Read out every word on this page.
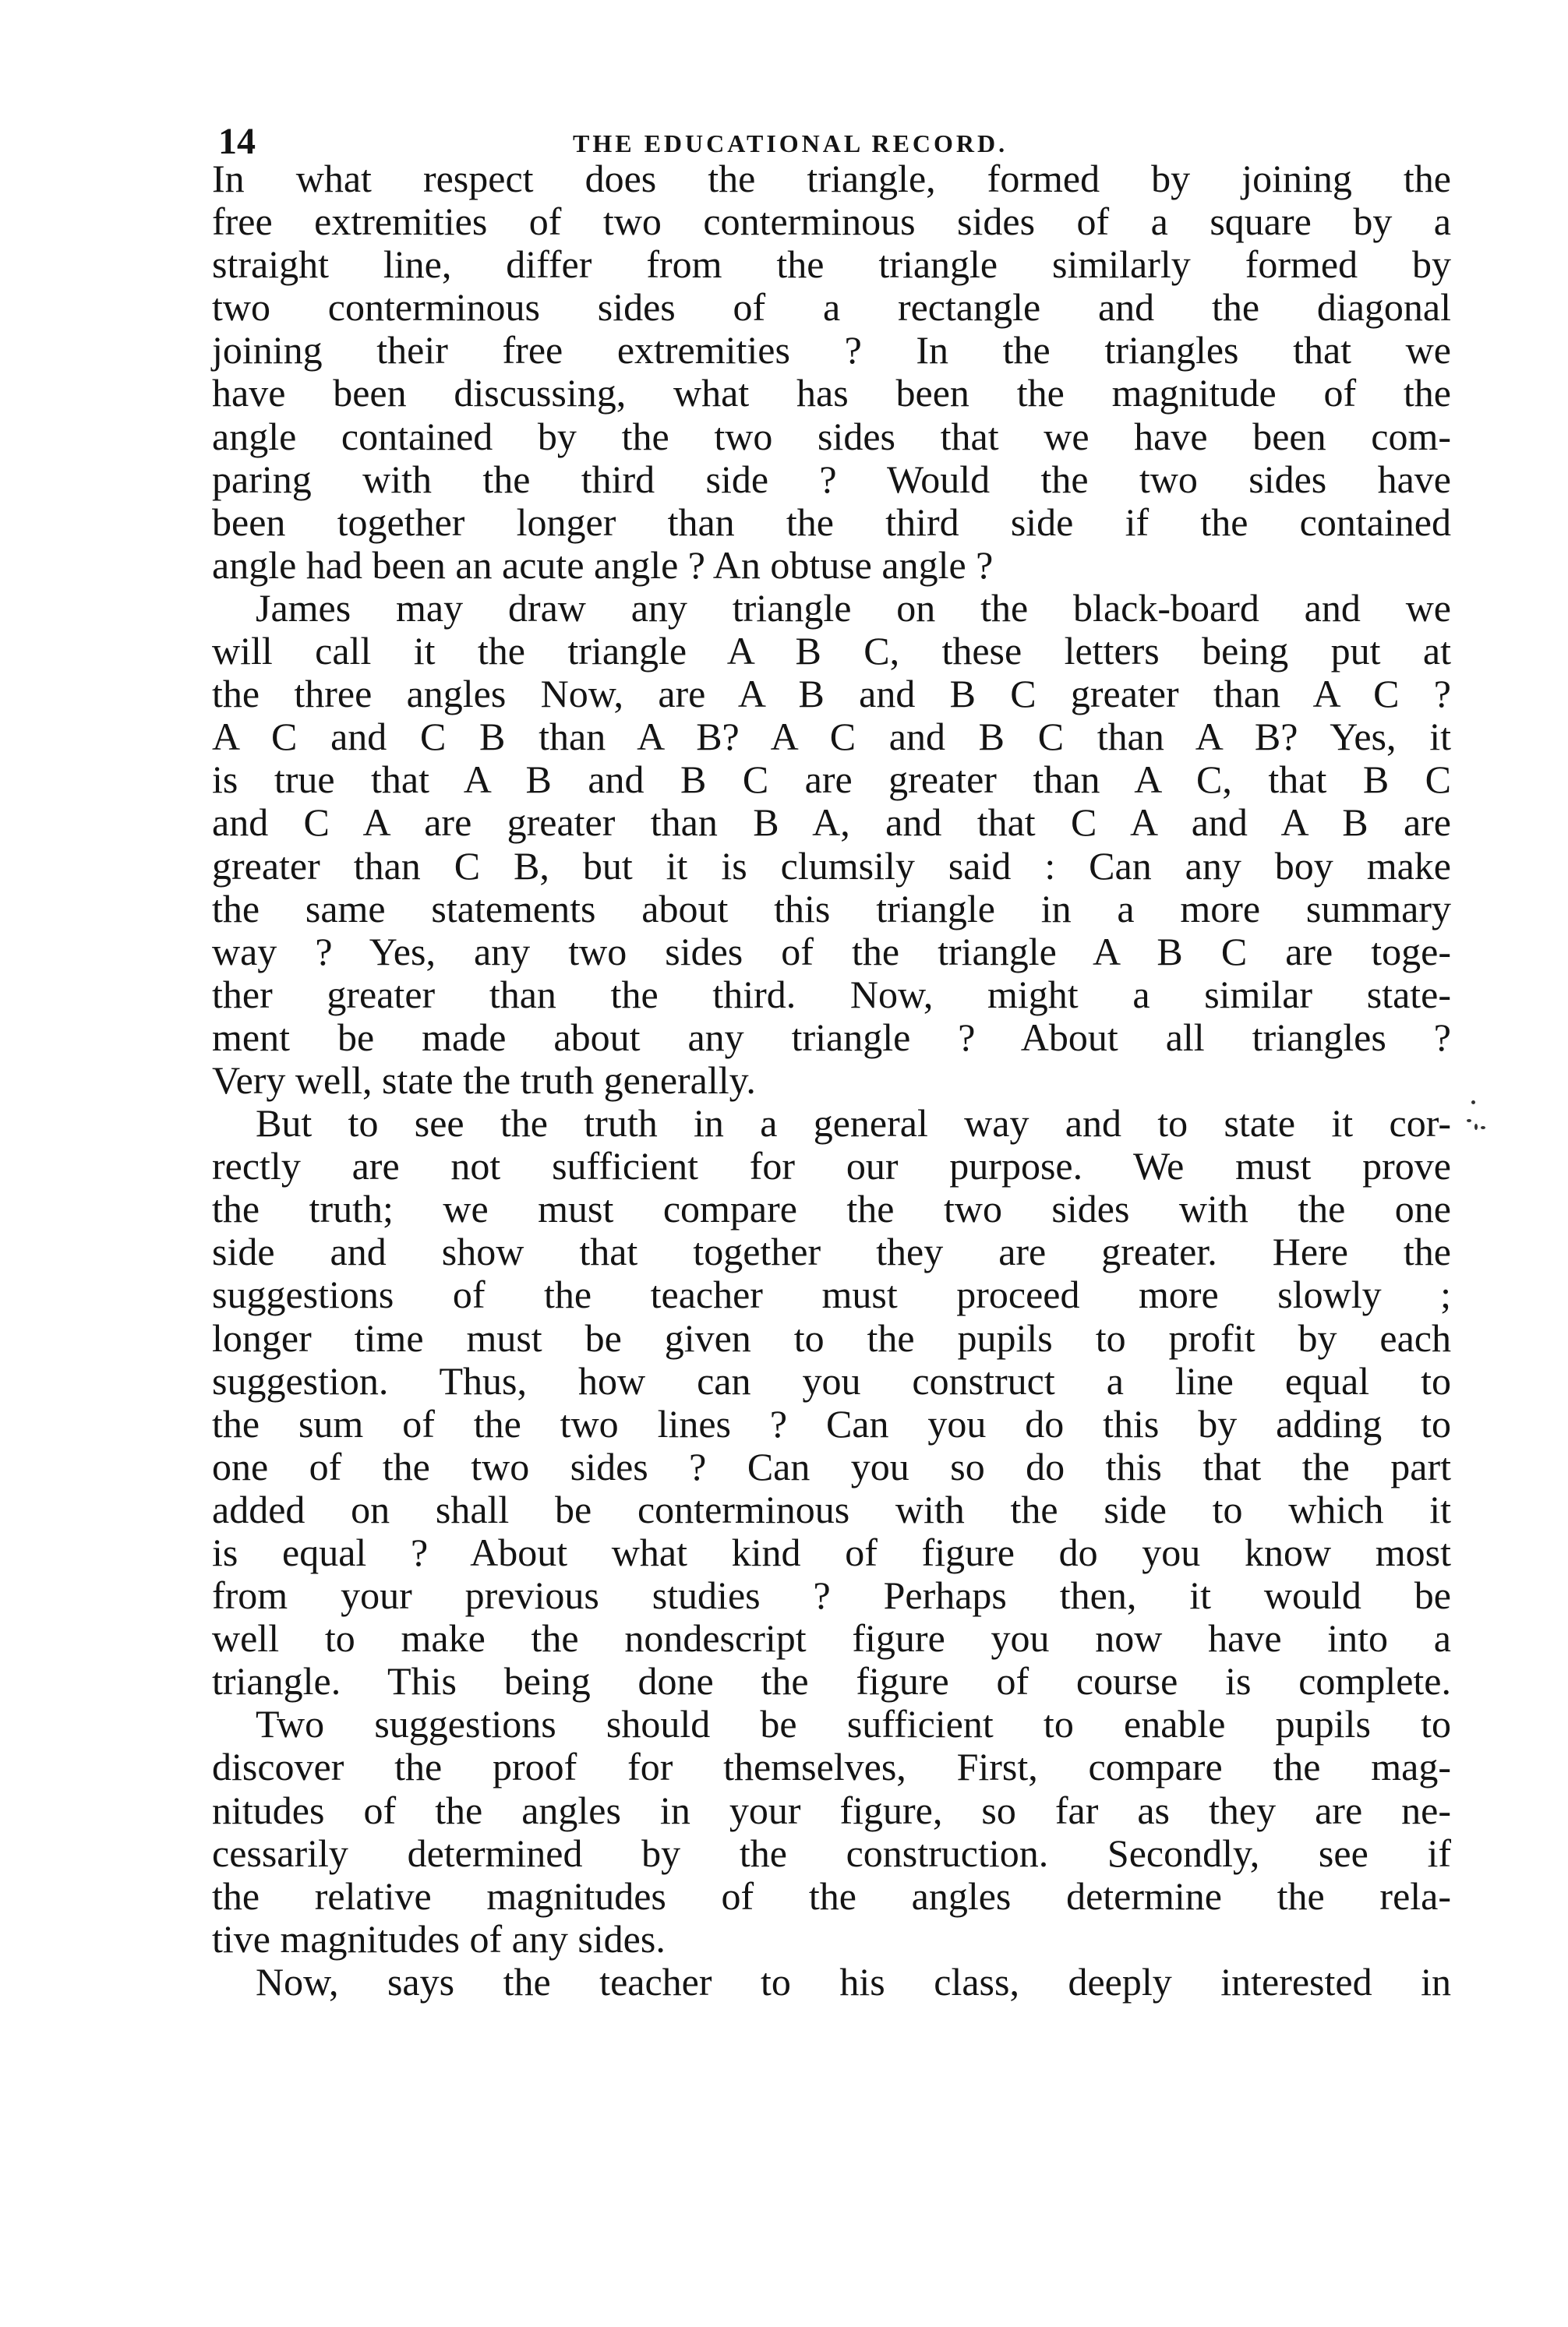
14	THE EDUCATIONAL RECORD.
In what respect does the triangle, formed by joining the
free extremities of two conterminous sides of a square by a
straight line, differ from the triangle similarly formed by
two conterminous sides of a rectangle and the diagonal
joining their free extremities ? In the triangles that we
have been discussing, what has been the magnitude of the
angle contained by the two sides that we have been com-
paring with the third side ? Would the two sides have
been together longer than the third side if the contained
angle had been an acute angle ? An obtuse angle ?
James may draw any triangle on the black-board and we
will call it the triangle A B C, these letters being put at
the three angles Now, are A B and B C greater than A C ?
A C and C B than A B? A C and B C than A B? Yes, it
is true that A B and B C are greater than A C, that B C
and C A are greater than B A, and that C A and A B are
greater than C B, but it is clumsily said : Can any boy make
the same statements about this triangle in a more summary
way ? Yes, any two sides of the triangle A B C are toge-
ther greater than the third. Now, might a similar state-
ment be made about any triangle ? About all triangles ?
Very well, state the truth generally.
But to see the truth in a general way and to state it cor-
rectly are not sufficient for our purpose. We must prove
the truth; we must compare the two sides with the one
side and show that together they are greater. Here the
suggestions of the teacher must proceed more slowly ;
longer time must be given to the pupils to profit by each
suggestion. Thus, how can you construct a line equal to
the sum of the two lines ? Can you do this by adding to
one of the two sides ? Can you so do this that the part
added on shall be conterminous with the side to which it
is equal ? About what kind of figure do you know most
from your previous studies ? Perhaps then, it would be
well to make the nondescript figure you now have into a
triangle. This being done the figure of course is complete.
Two suggestions should be sufficient to enable pupils to
discover the proof for themselves, First, compare the mag-
nitudes of the angles in your figure, so far as they are ne-
cessarily determined by the construction. Secondly, see if
the relative magnitudes of the angles determine the rela-
tive magnitudes of any sides.
Now, says the teacher to his class, deeply interested in
